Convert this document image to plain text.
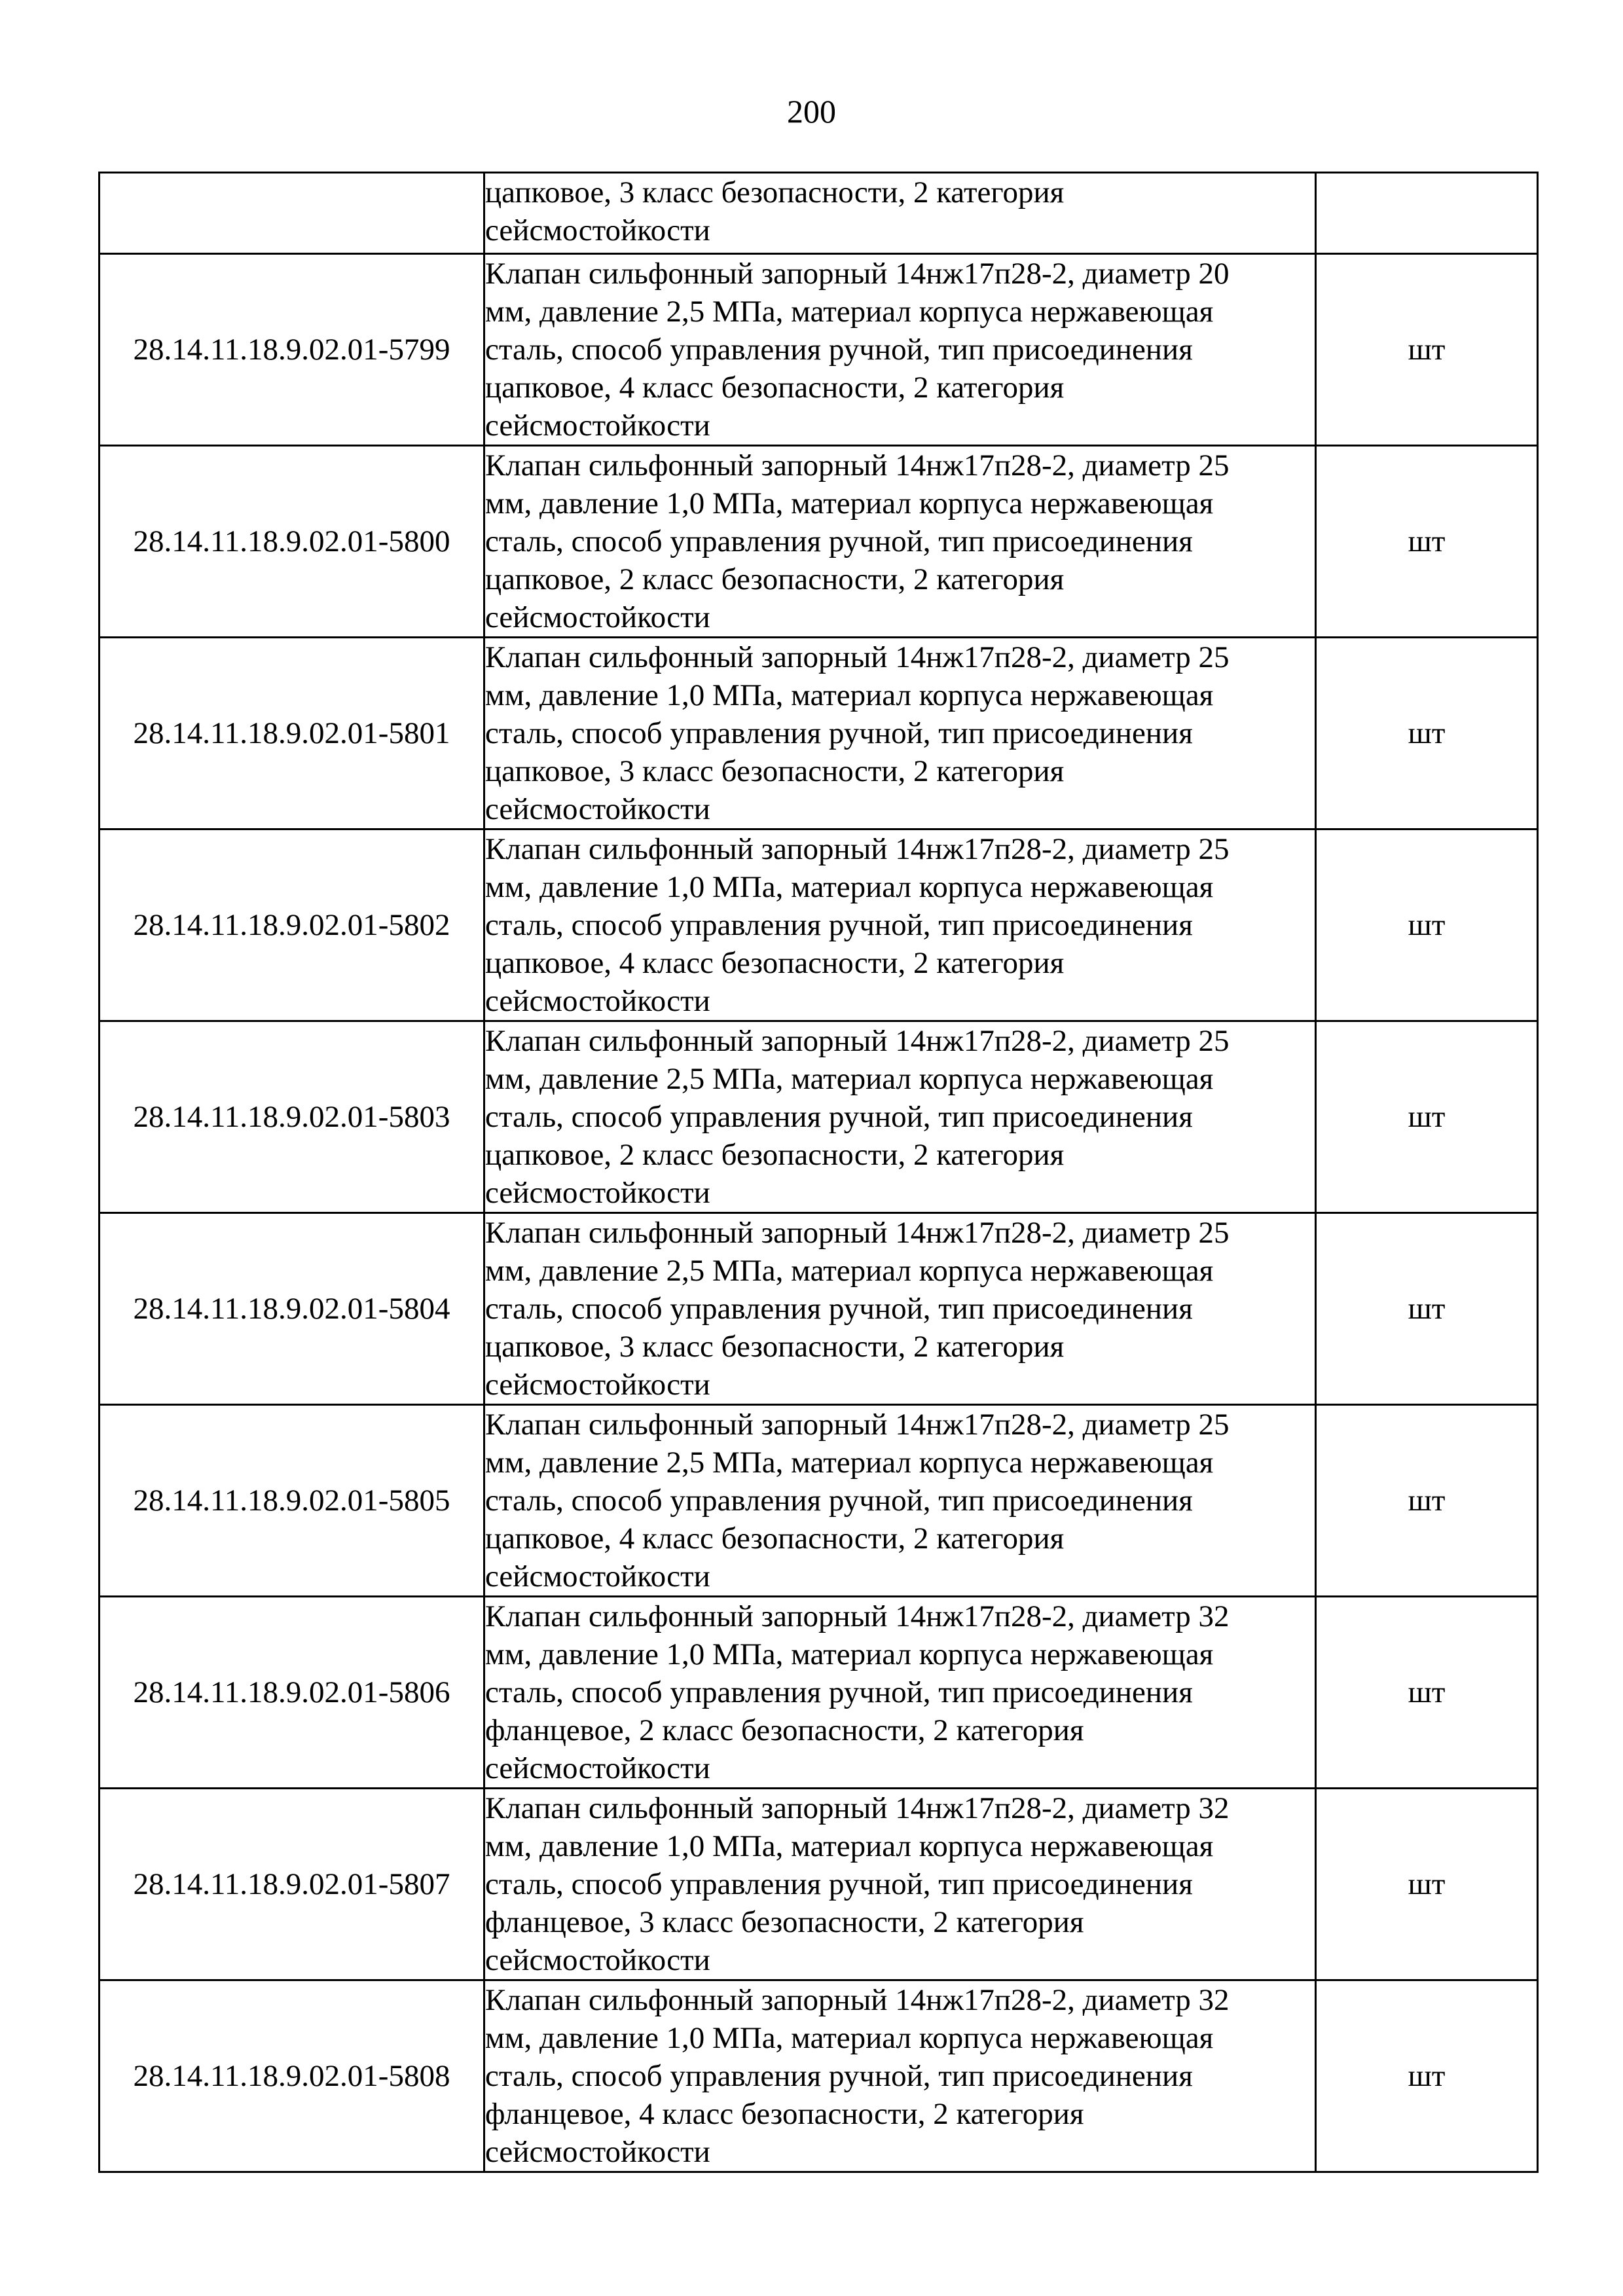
200
	цапковое, 3 класс безопасности, 2 категория
сейсмостойкости	
28.14.11.18.9.02.01-5799	Клапан сильфонный запорный 14нж17п28-2, диаметр 20
мм, давление 2,5 МПа, материал корпуса нержавеющая
сталь, способ управления ручной, тип присоединения
цапковое, 4 класс безопасности, 2 категория
сейсмостойкости	шт
28.14.11.18.9.02.01-5800	Клапан сильфонный запорный 14нж17п28-2, диаметр 25
мм, давление 1,0 МПа, материал корпуса нержавеющая
сталь, способ управления ручной, тип присоединения
цапковое, 2 класс безопасности, 2 категория
сейсмостойкости	шт
28.14.11.18.9.02.01-5801	Клапан сильфонный запорный 14нж17п28-2, диаметр 25
мм, давление 1,0 МПа, материал корпуса нержавеющая
сталь, способ управления ручной, тип присоединения
цапковое, 3 класс безопасности, 2 категория
сейсмостойкости	шт
28.14.11.18.9.02.01-5802	Клапан сильфонный запорный 14нж17п28-2, диаметр 25
мм, давление 1,0 МПа, материал корпуса нержавеющая
сталь, способ управления ручной, тип присоединения
цапковое, 4 класс безопасности, 2 категория
сейсмостойкости	шт
28.14.11.18.9.02.01-5803	Клапан сильфонный запорный 14нж17п28-2, диаметр 25
мм, давление 2,5 МПа, материал корпуса нержавеющая
сталь, способ управления ручной, тип присоединения
цапковое, 2 класс безопасности, 2 категория
сейсмостойкости	шт
28.14.11.18.9.02.01-5804	Клапан сильфонный запорный 14нж17п28-2, диаметр 25
мм, давление 2,5 МПа, материал корпуса нержавеющая
сталь, способ управления ручной, тип присоединения
цапковое, 3 класс безопасности, 2 категория
сейсмостойкости	шт
28.14.11.18.9.02.01-5805	Клапан сильфонный запорный 14нж17п28-2, диаметр 25
мм, давление 2,5 МПа, материал корпуса нержавеющая
сталь, способ управления ручной, тип присоединения
цапковое, 4 класс безопасности, 2 категория
сейсмостойкости	шт
28.14.11.18.9.02.01-5806	Клапан сильфонный запорный 14нж17п28-2, диаметр 32
мм, давление 1,0 МПа, материал корпуса нержавеющая
сталь, способ управления ручной, тип присоединения
фланцевое, 2 класс безопасности, 2 категория
сейсмостойкости	шт
28.14.11.18.9.02.01-5807	Клапан сильфонный запорный 14нж17п28-2, диаметр 32
мм, давление 1,0 МПа, материал корпуса нержавеющая
сталь, способ управления ручной, тип присоединения
фланцевое, 3 класс безопасности, 2 категория
сейсмостойкости	шт
28.14.11.18.9.02.01-5808	Клапан сильфонный запорный 14нж17п28-2, диаметр 32
мм, давление 1,0 МПа, материал корпуса нержавеющая
сталь, способ управления ручной, тип присоединения
фланцевое, 4 класс безопасности, 2 категория
сейсмостойкости	шт
